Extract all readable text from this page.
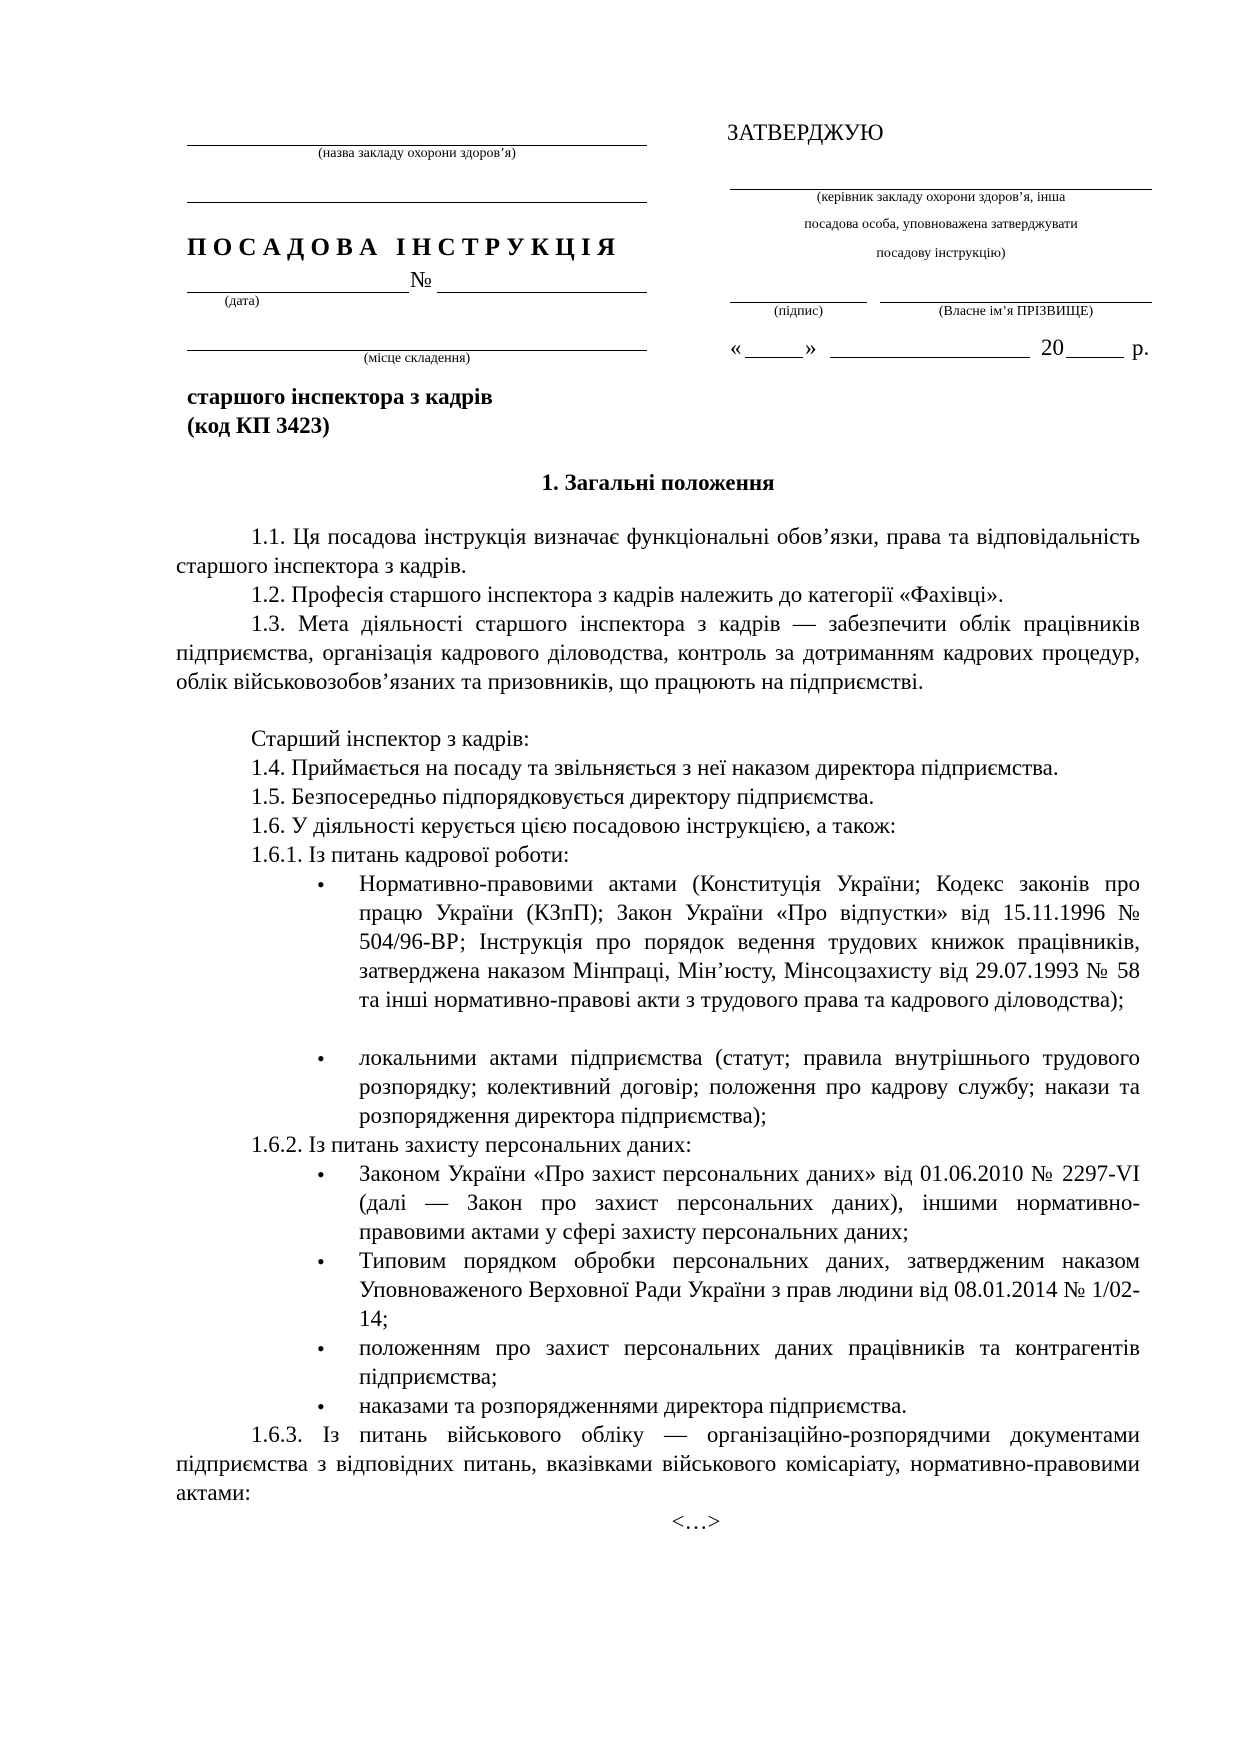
(назва закладу охорони здоров’я)
П О С А Д О В А   І Н С Т Р У К Ц І Я
№
(дата)
(місце складення)
ЗАТВЕРДЖУЮ
(керівник закладу охорони здоров’я, інша
посадова особа, уповноважена затверджувати
посадову інструкцію)
(підпис)	(Власне ім’я ПРІЗВИЩЕ)
«	»	20	р.
старшого інспектора з кадрів
(код КП 3423)
1. Загальні положення
1.1. Ця посадова інструкція визначає функціональні обов’язки, права та відповідальність старшого інспектора з кадрів.
1.2. Професія старшого інспектора з кадрів належить до категорії «Фахівці».
1.3. Мета діяльності старшого інспектора з кадрів — забезпечити облік працівників підприємства, організація кадрового діловодства, контроль за дотриманням кадрових процедур, облік військовозобов’язаних та призовників, що працюють на підприємстві.
Старший інспектор з кадрів:
1.4. Приймається на посаду та звільняється з неї наказом директора підприємства.
1.5. Безпосередньо підпорядковується директору підприємства.
1.6. У діяльності керується цією посадовою інструкцією, а також:
1.6.1. Із питань кадрової роботи:
• Нормативно-правовими актами (Конституція України; Кодекс законів про працю України (КЗпП); Закон України «Про відпустки» від 15.11.1996 № 504/96-ВР; Інструкція про порядок ведення трудових книжок працівників, затверджена наказом Мінпраці, Мін’юсту, Мінсоцзахисту від 29.07.1993 № 58 та інші нормативно-правові акти з трудового права та кадрового діловодства);
• локальними актами підприємства (статут; правила внутрішнього трудового розпорядку; колективний договір; положення про кадрову службу; накази та розпорядження директора підприємства);
1.6.2. Із питань захисту персональних даних:
• Законом України «Про захист персональних даних» від 01.06.2010 № 2297-VI (далі — Закон про захист персональних даних), іншими нормативно-правовими актами у сфері захисту персональних даних;
• Типовим порядком обробки персональних даних, затвердженим наказом Уповноваженого Верховної Ради України з прав людини від 08.01.2014 № 1/02-14;
• положенням про захист персональних даних працівників та контрагентів підприємства;
• наказами та розпорядженнями директора підприємства.
1.6.3. Із питань військового обліку — організаційно-розпорядчими документами підприємства з відповідних питань, вказівками військового комісаріату, нормативно-правовими актами:
<…>
